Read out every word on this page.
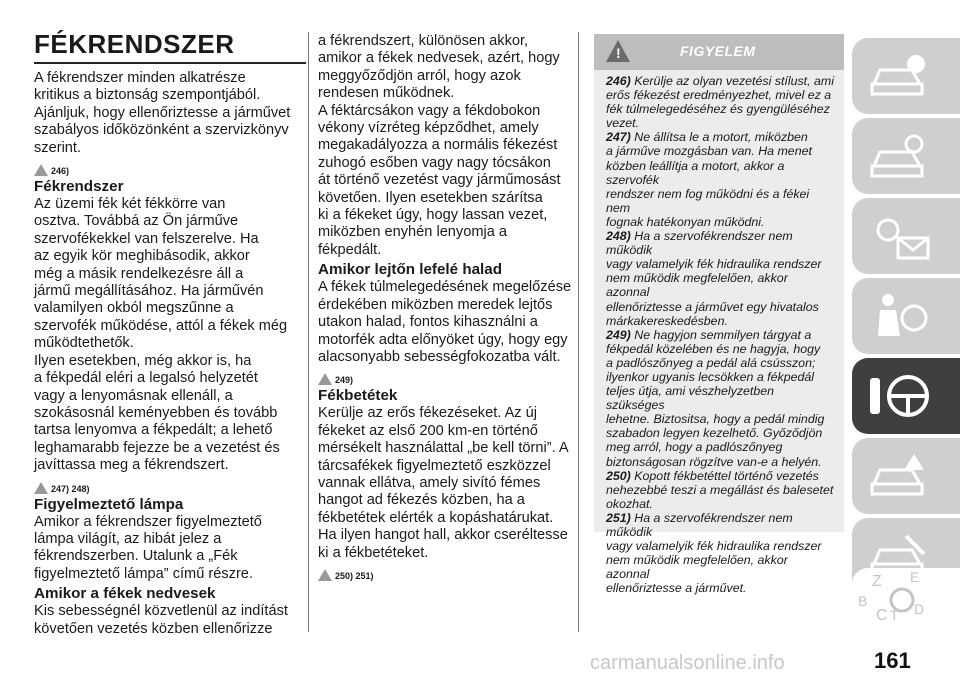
FÉKRENDSZER

A fékrendszer minden alkatrésze
kritikus a biztonság szempontjából.
Ajánljuk, hogy ellenőriztesse a járművet
szabályos időközönként a szervizkönyv
szerint.

246)
Fékrendszer

Az üzemi fék két fékkörre van
osztva. Továbbá az Ön járműve
szervofékekkel van felszerelve. Ha
az egyik kör meghibásodik, akkor
még a másik rendelkezésre áll a
jármű megállításához. Ha járművén
valamilyen okból megszűnne a
szervofék működése, attól a fékek még
működtethetők.
Ilyen esetekben, még akkor is, ha
a fékpedál eléri a legalsó helyzetét
vagy a lenyomásnak ellenáll, a
szokásosnál keményebben és tovább
tartsa lenyomva a fékpedált; a lehető
leghamarabb fejezze be a vezetést és
javíttassa meg a fékrendszert.

247) 248)
Figyelmeztető lámpa

Amikor a fékrendszer figyelmeztető
lámpa világít, az hibát jelez a
fékrendszerben. Utalunk a „Fék
figyelmeztető lámpa” című részre.

Amikor a fékek nedvesek

Kis sebességnél közvetlenül az indítást
követően vezetés közben ellenőrizze

a fékrendszert, különösen akkor,
amikor a fékek nedvesek, azért, hogy
meggyőződjön arról, hogy azok
rendesen működnek.
A féktárcsákon vagy a fékdobokon
vékony vízréteg képződhet, amely
megakadályozza a normális fékezést
zuhogó esőben vagy nagy tócsákon
át történő vezetést vagy járműmosást
követően. Ilyen esetekben szárítsa
ki a fékeket úgy, hogy lassan vezet,
miközben enyhén lenyomja a fékpedált.

Amikor lejtőn lefelé halad

A fékek túlmelegedésének megelőzése
érdekében miközben meredek lejtős
utakon halad, fontos kihasználni a
motorfék adta előnyöket úgy, hogy egy
alacsonyabb sebességfokozatba vált.

249)
Fékbetétek

Kerülje az erős fékezéseket. Az új
fékeket az első 200 km-en történő
mérsékelt használattal „be kell törni”. A
tárcsafékek figyelmeztető eszközzel
vannak ellátva, amely sivító fémes
hangot ad fékezés közben, ha a
fékbetétek elérték a kopáshatárukat.
Ha ilyen hangot hall, akkor cseréltesse
ki a fékbetéteket.

250) 251)
!	FIGYELEM

246) Kerülje az olyan vezetési stílust, ami
erős fékezést eredményezhet, mivel ez a
fék túlmelegedéséhez és gyengüléséhez
vezet.

247) Ne állítsa le a motort, miközben
a járműve mozgásban van. Ha menet
közben leállítja a motort, akkor a szervofék
rendszer nem fog működni és a fékei nem
fognak hatékonyan működni.

248) Ha a szervofékrendszer nem működik
vagy valamelyik fék hidraulika rendszer
nem működik megfelelően, akkor azonnal
ellenőriztesse a járművet egy hivatalos
márkakereskedésben.

249) Ne hagyjon semmilyen tárgyat a
fékpedál közelében és ne hagyja, hogy
a padlószőnyeg a pedál alá csússzon;
ilyenkor ugyanis lecsökken a fékpedál
teljes útja, ami vészhelyzetben szükséges
lehetne. Biztositsa, hogy a pedál mindig
szabadon legyen kezelhető. Győződjön
meg arról, hogy a padlószőnyeg
biztonságosan rögzítve van-e a helyén.

250) Kopott fékbetéttel történő vezetés
nehezebbé teszi a megállást és balesetet
okozhat.

251) Ha a szervofékrendszer nem működik
vagy valamelyik fék hidraulika rendszer
nem működik megfelelően, akkor azonnal
ellenőriztesse a járművet.	Z E
B
C T D
carmanualsonline.info	161
